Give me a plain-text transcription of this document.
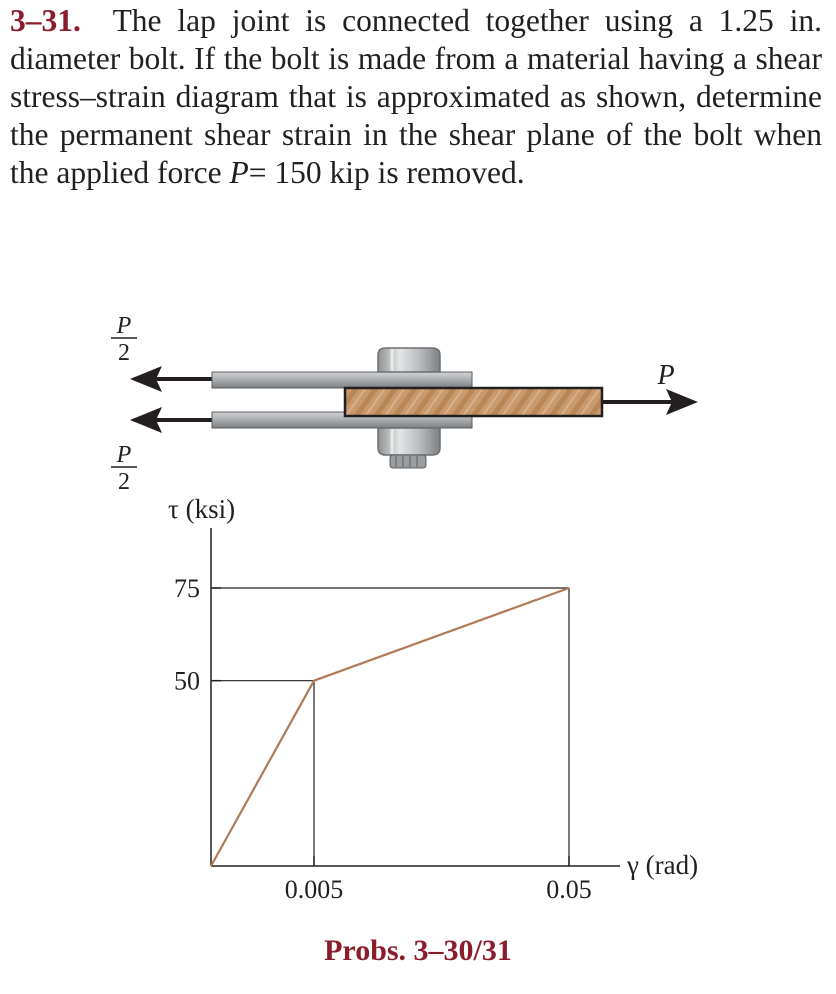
3–31. The lap joint is connected together using a 1.25 in. diameter bolt. If the bolt is made from a material having a shear stress–strain diagram that is approximated as shown, determine the permanent shear strain in the shear plane of the bolt when the applied force P= 150 kip is removed.

P
2
P
2
P
τ (ksi)
γ (rad)
50
75
0.005	0.05
Probs. 3–30/31
